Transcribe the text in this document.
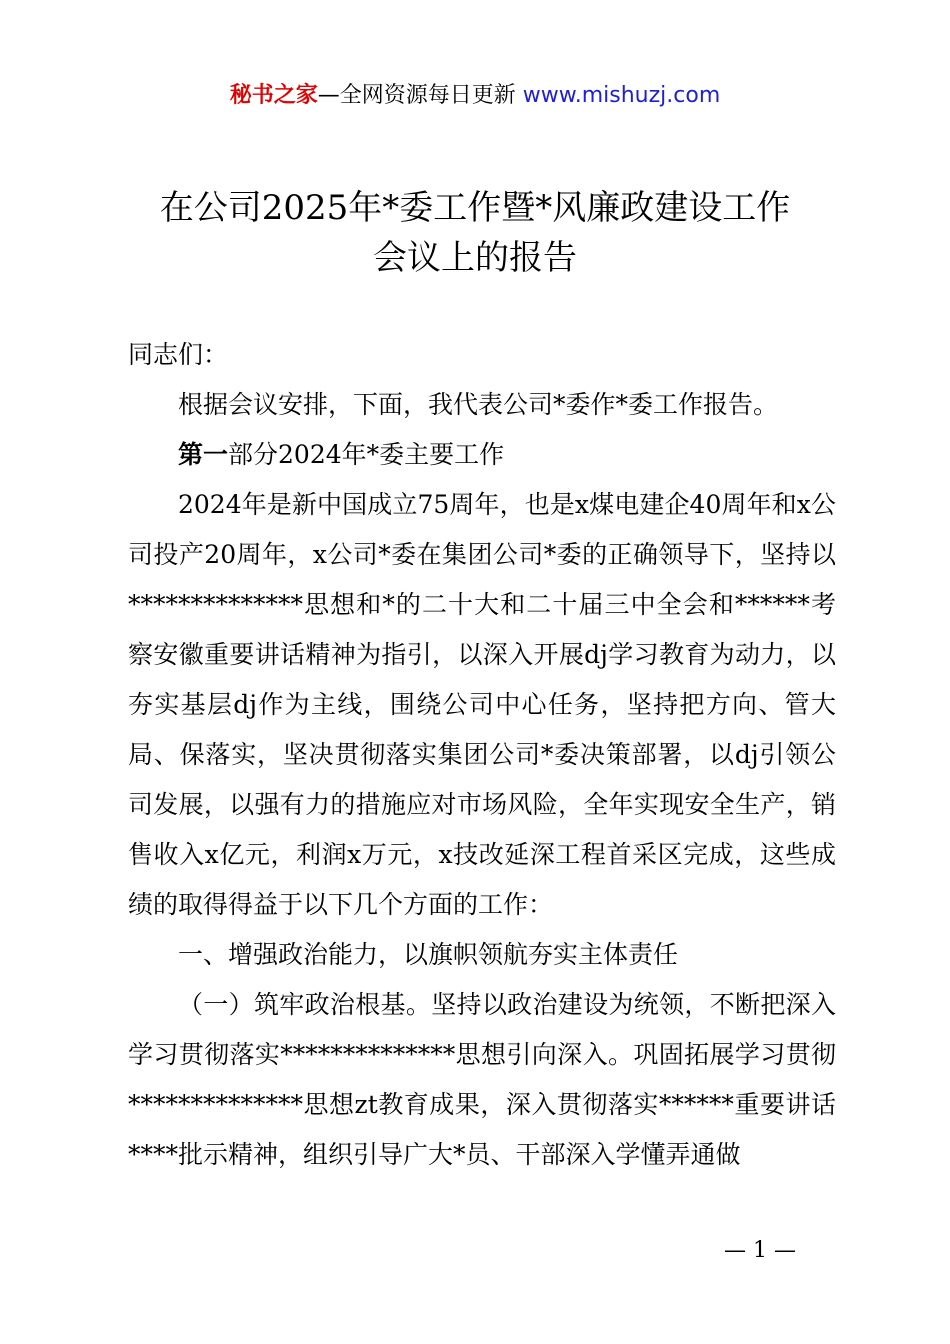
秘书之家—全网资源每日更新 www.mishuzj.com
在公司2025年*委工作暨*风廉政建设工作
会议上的报告

同志们：

根据会议安排，下面，我代表公司*委作*委工作报告。

第一部分2024年*委主要工作

2024年是新中国成立75周年，也是x煤电建企40周年和x公司投产20周年，x公司*委在集团公司*委的正确领导下，坚持以**************思想和*的二十大和二十届三中全会和******考察安徽重要讲话精神为指引，以深入开展dj学习教育为动力，以夯实基层dj作为主线，围绕公司中心任务，坚持把方向、管大局、保落实，坚决贯彻落实集团公司*委决策部署，以dj引领公司发展，以强有力的措施应对市场风险，全年实现安全生产，销售收入x亿元，利润x万元，x技改延深工程首采区完成，这些成绩的取得得益于以下几个方面的工作：

一、增强政治能力，以旗帜领航夯实主体责任

（一）筑牢政治根基。坚持以政治建设为统领，不断把深入学习贯彻落实**************思想引向深入。巩固拓展学习贯彻**************思想zt教育成果，深入贯彻落实******重要讲话****批示精神，组织引导广大*员、干部深入学懂弄通做

— 1 —
